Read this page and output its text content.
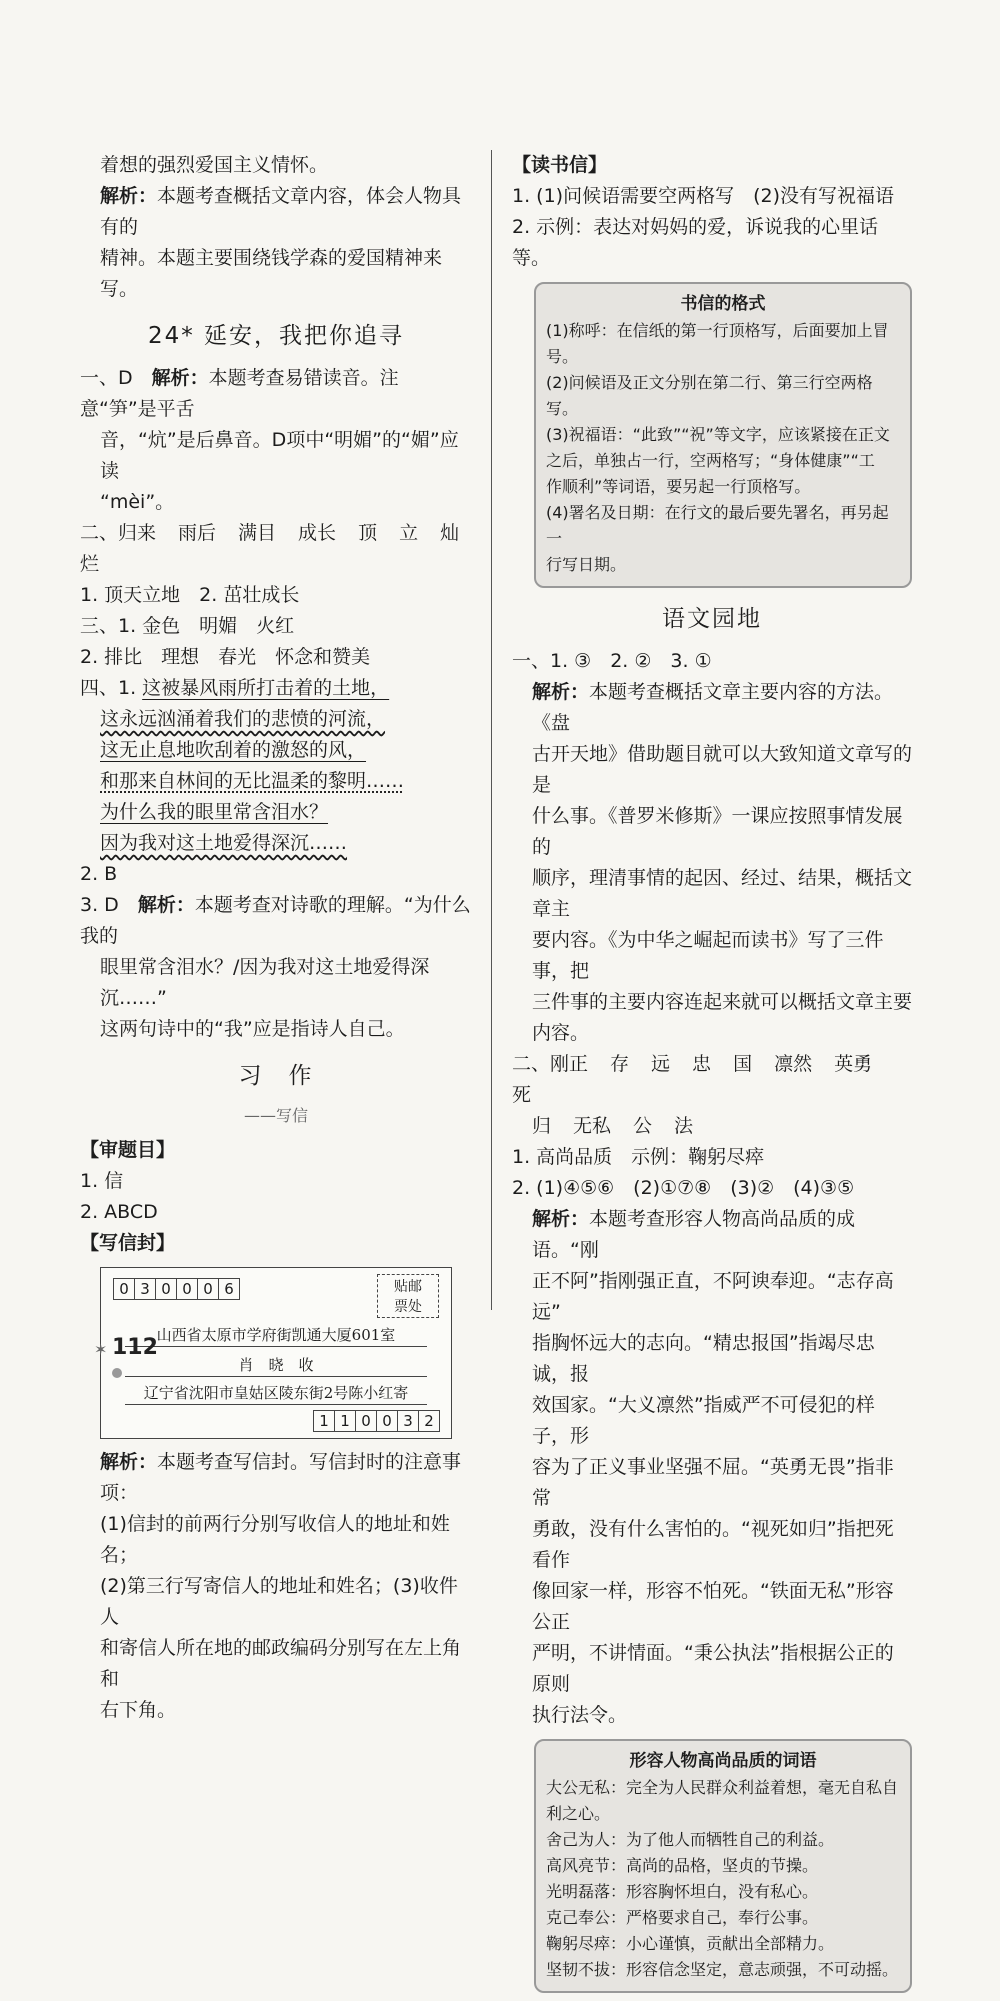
着想的强烈爱国主义情怀。

解析：本题考查概括文章内容，体会人物具有的

精神。本题主要围绕钱学森的爱国精神来写。

24* 延安，我把你追寻

一、D　 解析：本题考查易错读音。注意“笋”是平舌

音，“炕”是后鼻音。D项中“明媚”的“媚”应读

“mèi”。

二、归来 雨后 满目 成长 顶 立 灿烂

1. 顶天立地　2. 茁壮成长

三、1. 金色　明媚　火红

2. 排比　理想　春光　怀念和赞美

四、1. 这被暴风雨所打击着的土地，

这永远汹涌着我们的悲愤的河流，

这无止息地吹刮着的激怒的风，

和那来自林间的无比温柔的黎明……

为什么我的眼里常含泪水？

因为我对这土地爱得深沉……

2. B

3. D　 解析：本题考查对诗歌的理解。“为什么我的

眼里常含泪水？/因为我对这土地爱得深沉……”

这两句诗中的“我”应是指诗人自己。

习　作
——写信

【审题目】

1. 信

2. ABCD

【写信封】

0 3 0 0 0 6	贴邮
票处
山西省太原市学府街凯通大厦601室
肖　晓　收
辽宁省沈阳市皇姑区陵东街2号陈小红寄
1 1 0 0 3 2

解析：本题考查写信封。写信封时的注意事项：

(1)信封的前两行分别写收信人的地址和姓名；

(2)第三行写寄信人的地址和姓名；(3)收件人

和寄信人所在地的邮政编码分别写在左上角和

右下角。

【读书信】

1. (1)问候语需要空两格写　(2)没有写祝福语

2. 示例：表达对妈妈的爱，诉说我的心里话等。

书信的格式

(1)称呼：在信纸的第一行顶格写，后面要加上冒号。

(2)问候语及正文分别在第二行、第三行空两格写。

(3)祝福语：“此致”“祝”等文字，应该紧接在正文

之后，单独占一行，空两格写；“身体健康”“工

作顺利”等词语，要另起一行顶格写。

(4)署名及日期：在行文的最后要先署名，再另起一

行写日期。

语文园地

一、1. ③　2. ②　3. ①

解析：本题考查概括文章主要内容的方法。《盘

古开天地》借助题目就可以大致知道文章写的是

什么事。《普罗米修斯》一课应按照事情发展的

顺序，理清事情的起因、经过、结果，概括文章主

要内容。《为中华之崛起而读书》写了三件事，把

三件事的主要内容连起来就可以概括文章主要

内容。

二、刚正 存 远 忠 国 凛然 英勇死

归 无私 公 法

1. 高尚品质　示例：鞠躬尽瘁

2. (1)④⑤⑥　(2)①⑦⑧　(3)②　(4)③⑤

解析：本题考查形容人物高尚品质的成语。“刚

正不阿”指刚强正直，不阿谀奉迎。“志存高远”

指胸怀远大的志向。“精忠报国”指竭尽忠诚，报

效国家。“大义凛然”指威严不可侵犯的样子，形

容为了正义事业坚强不屈。“英勇无畏”指非常

勇敢，没有什么害怕的。“视死如归”指把死看作

像回家一样，形容不怕死。“铁面无私”形容公正

严明，不讲情面。“秉公执法”指根据公正的原则

执行法令。

形容人物高尚品质的词语

大公无私：完全为人民群众利益着想，毫无自私自

利之心。

舍己为人：为了他人而牺牲自己的利益。

高风亮节：高尚的品格，坚贞的节操。

光明磊落：形容胸怀坦白，没有私心。

克己奉公：严格要求自己，奉行公事。

鞠躬尽瘁：小心谨慎，贡献出全部精力。

坚韧不拔：形容信念坚定，意志顽强，不可动摇。

✶ 112
